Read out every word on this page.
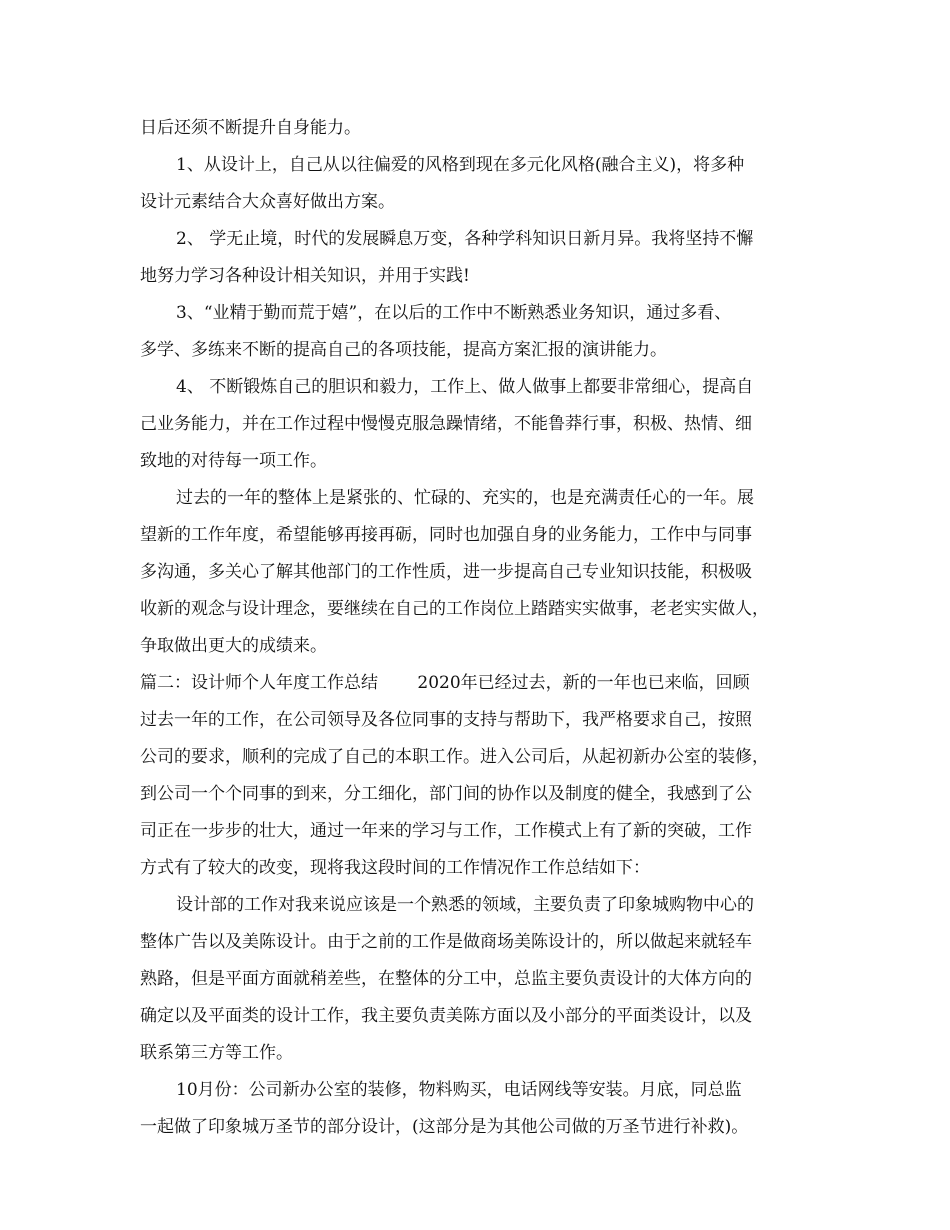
日后还须不断提升自身能力。
1、从设计上，自己从以往偏爱的风格到现在多元化风格(融合主义)，将多种
设计元素结合大众喜好做出方案。
2、 学无止境，时代的发展瞬息万变，各种学科知识日新月异。我将坚持不懈
地努力学习各种设计相关知识，并用于实践!
3、“业精于勤而荒于嬉”，在以后的工作中不断熟悉业务知识，通过多看、
多学、多练来不断的提高自己的各项技能，提高方案汇报的演讲能力。
4、 不断锻炼自己的胆识和毅力，工作上、做人做事上都要非常细心，提高自
己业务能力，并在工作过程中慢慢克服急躁情绪，不能鲁莽行事，积极、热情、细
致地的对待每一项工作。
过去的一年的整体上是紧张的、忙碌的、充实的，也是充满责任心的一年。展
望新的工作年度，希望能够再接再砺，同时也加强自身的业务能力，工作中与同事
多沟通，多关心了解其他部门的工作性质，进一步提高自己专业知识技能，积极吸
收新的观念与设计理念，要继续在自己的工作岗位上踏踏实实做事，老老实实做人，
争取做出更大的成绩来。
篇二：设计师个人年度工作总结 　　2020年已经过去，新的一年也已来临，回顾
过去一年的工作，在公司领导及各位同事的支持与帮助下，我严格要求自己，按照
公司的要求，顺利的完成了自己的本职工作。进入公司后，从起初新办公室的装修，
到公司一个个同事的到来，分工细化，部门间的协作以及制度的健全，我感到了公
司正在一步步的壮大，通过一年来的学习与工作，工作模式上有了新的突破，工作
方式有了较大的改变，现将我这段时间的工作情况作工作总结如下：
设计部的工作对我来说应该是一个熟悉的领域，主要负责了印象城购物中心的
整体广告以及美陈设计。由于之前的工作是做商场美陈设计的，所以做起来就轻车
熟路，但是平面方面就稍差些，在整体的分工中，总监主要负责设计的大体方向的
确定以及平面类的设计工作，我主要负责美陈方面以及小部分的平面类设计，以及
联系第三方等工作。
10月份：公司新办公室的装修，物料购买，电话网线等安装。月底，同总监
一起做了印象城万圣节的部分设计，(这部分是为其他公司做的万圣节进行补救)。
